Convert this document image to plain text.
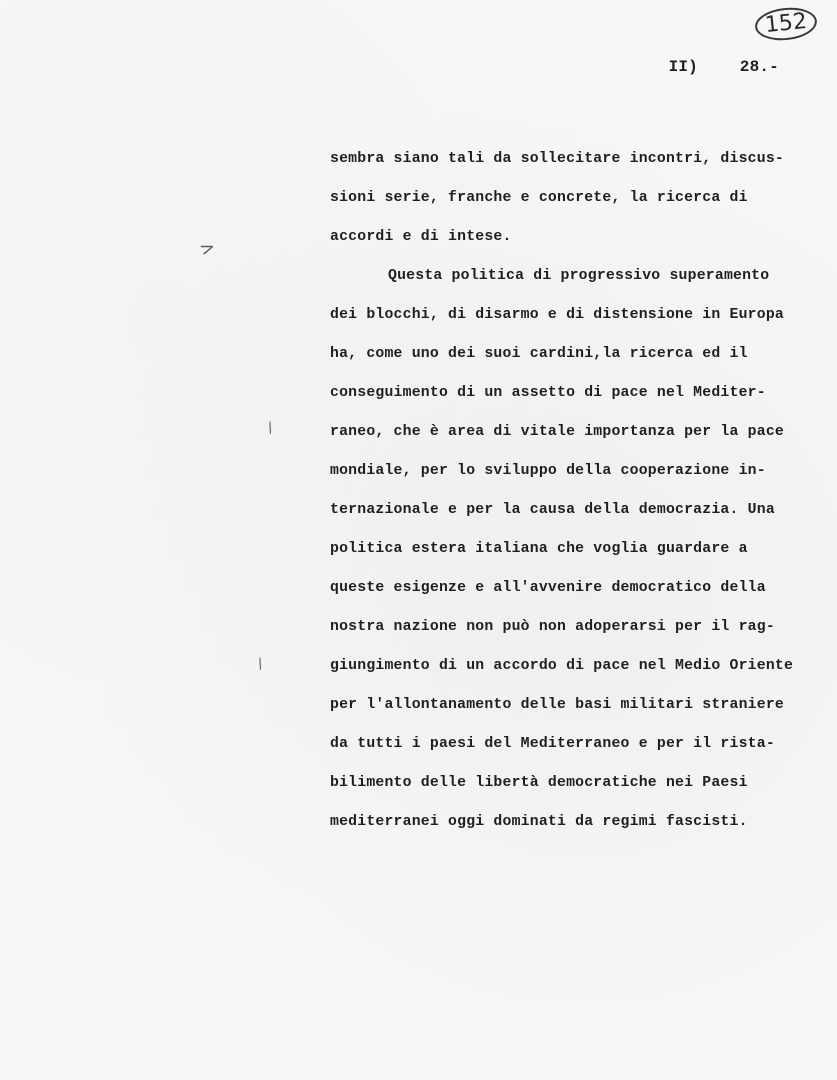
152
II)	28.-
>
/
/
sembra siano tali da sollecitare incontri, discus-
sioni serie, franche e concrete, la ricerca di
accordi e di intese.
Questa politica di progressivo superamento
dei blocchi, di disarmo e di distensione in Europa
ha, come uno dei suoi cardini,la ricerca ed il
conseguimento di un assetto di pace nel Mediter-
raneo, che è area di vitale importanza per la pace
mondiale, per lo sviluppo della cooperazione in-
ternazionale e per la causa della democrazia. Una
politica estera italiana che voglia guardare a
queste esigenze e all'avvenire democratico della
nostra nazione non può non adoperarsi per il rag-
giungimento di un accordo di pace nel Medio Oriente
per l'allontanamento delle basi militari straniere
da tutti i paesi del Mediterraneo e per il rista-
bilimento delle libertà democratiche nei Paesi
mediterranei oggi dominati da regimi fascisti.
